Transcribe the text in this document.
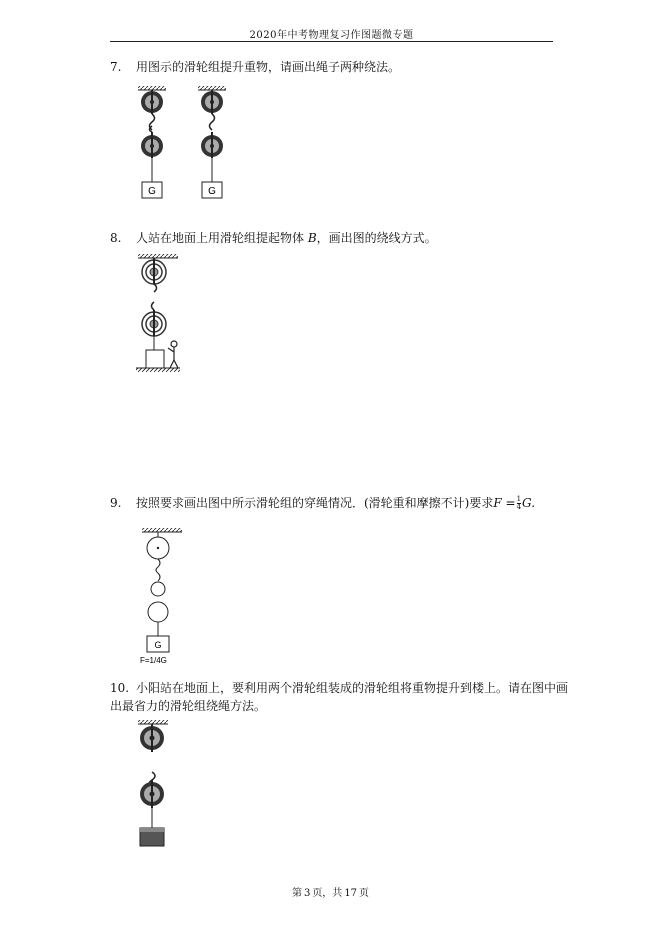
2020年中考物理复习作图题微专题
7. 用图示的滑轮组提升重物，请画出绳子两种绕法。
G	G
8. 人站在地面上用滑轮组提起物体 B，画出图的绕线方式。
9. 按照要求画出图中所示滑轮组的穿绳情况．(滑轮重和摩擦不计)要求$F = \frac{1}{4} G$.
G
F=1/4G
10. 小阳站在地面上，要利用两个滑轮组装成的滑轮组将重物提升到楼上。请在图中画
出最省力的滑轮组绕绳方法。
第 3 页，共 17 页
